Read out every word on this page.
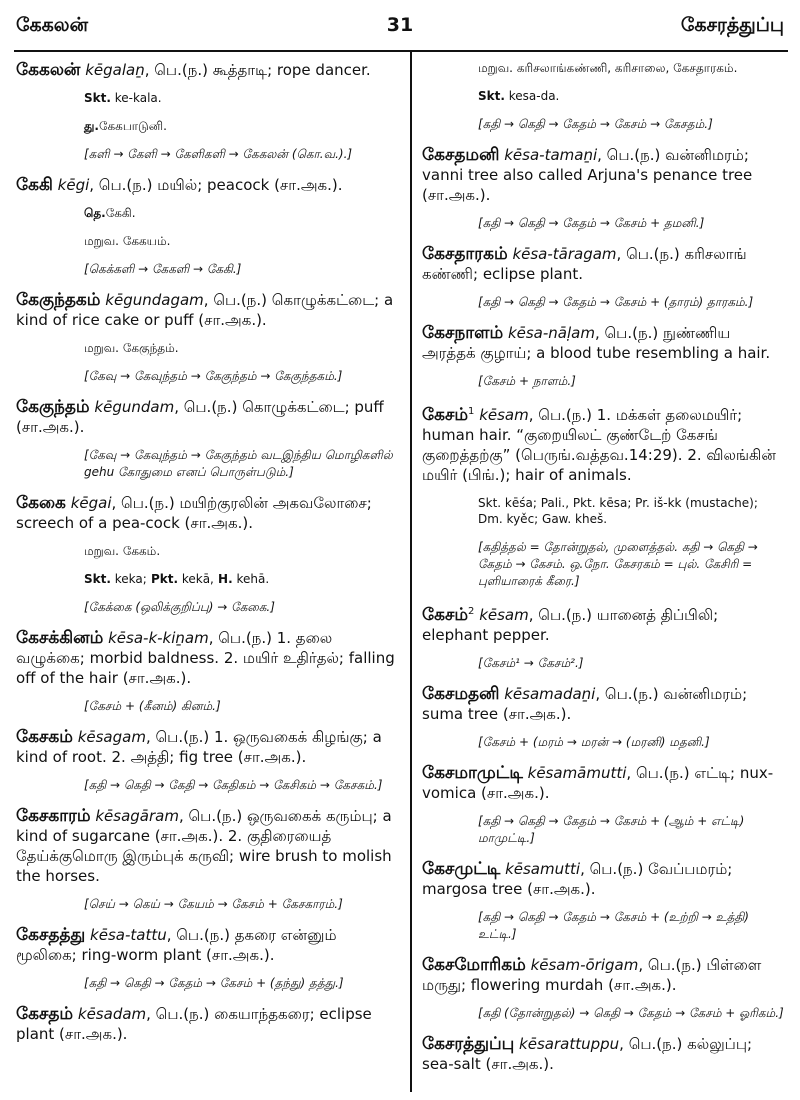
கேகலன்	31	கேசரத்துப்பு
கேகலன் kēgalaṉ, பெ.(ந.) கூத்தாடி; rope dancer.
Skt. ke-kala.
து.கேகபாடுனி.
[களி → கேளி → கேளிகளி → கேகலன் (கொ.வ.).]
கேகி kēgi, பெ.(ந.) மயில்; peacock (சா.அக.).
தெ.கேகி.
மறுவ. கேகயம்.
[கெக்களி → கேகளி → கேகி.]
கேகுந்தகம் kēgundagam, பெ.(ந.) கொழுக்கட்டை; a kind of rice cake or puff (சா.அக.).
மறுவ. கேகுந்தம்.
[கேவு → கேவுந்தம் → கேகுந்தம் → கேகுந்தகம்.]
கேகுந்தம் kēgundam, பெ.(ந.) கொழுக்கட்டை; puff (சா.அக.).
[கேவு → கேவுந்தம் → கேகுந்தம் வடஇந்திய மொழிகளில் gehu கோதுமை எனப் பொருள்படும்.]
கேகை kēgai, பெ.(ந.) மயிற்குரலின் அகவலோசை; screech of a pea-cock (சா.அக.).
மறுவ. கேகம்.
Skt. keka; Pkt. kekā, H. kehā.
[கேக்கை (ஒலிக்குறிப்பு) → கேகை.]
கேசக்கினம் kēsa-k-kiṉam, பெ.(ந.) 1. தலை வழுக்கை; morbid baldness. 2. மயிர் உதிர்தல்; falling off of the hair (சா.அக.).
[கேசம் + (கீனம்) கினம்.]
கேசகம் kēsagam, பெ.(ந.) 1. ஒருவகைக் கிழங்கு; a kind of root. 2. அத்தி; fig tree (சா.அக.).
[கதி → கெதி → கேதி → கேதிகம் → கேசிகம் → கேசகம்.]
கேசகாரம் kēsagāram, பெ.(ந.) ஒருவகைக் கரும்பு; a kind of sugarcane (சா.அக.). 2. குதிரையைத் தேய்க்குமொரு இரும்புக் கருவி; wire brush to molish the horses.
[செய் → கெய் → கேயம் → கேசம் + கேசகாரம்.]
கேசதத்து kēsa-tattu, பெ.(ந.) தகரை என்னும் மூலிகை; ring-worm plant (சா.அக.).
[கதி → கெதி → கேதம் → கேசம் + (தந்து) தத்து.]
கேசதம் kēsadam, பெ.(ந.) கையாந்தகரை; eclipse plant (சா.அக.).
மறுவ. கரிசலாங்கண்ணி, கரிசாலை, கேசதாரகம்.
Skt. kesa-da.
[கதி → கெதி → கேதம் → கேசம் → கேசதம்.]
கேசதமனி kēsa-tamaṉi, பெ.(ந.) வன்னிமரம்; vanni tree also called Arjuna's penance tree (சா.அக.).
[கதி → கெதி → கேதம் → கேசம் + தமனி.]
கேசதாரகம் kēsa-tāragam, பெ.(ந.) கரிசலாங் கண்ணி; eclipse plant.
[கதி → கெதி → கேதம் → கேசம் + (தாரம்) தாரகம்.]
கேசநாளம் kēsa-nāḷam, பெ.(ந.) நுண்ணிய அரத்தக் குழாய்; a blood tube resembling a hair.
[கேசம் + நாளம்.]
கேசம்$^1$ kēsam, பெ.(ந.) 1. மக்கள் தலைமயிர்; human hair. “குறையிலட் குண்டேற் கேசங் குறைத்தற்கு” (பெருங்.வத்தவ.14:29). 2. விலங்கின் மயிர் (பிங்.); hair of animals.
Skt. kēśa; Pali., Pkt. kēsa; Pr. iš-kk (mustache); Dm. kyěc; Gaw. kheš.
[கதித்தல் = தோன்றுதல், முளைத்தல். கதி → கெதி → கேதம் → கேசம். ஒ.நோ. கேசரகம் = புல். கேசிரி = புளியாரைக் கீரை.]
கேசம்$^2$ kēsam, பெ.(ந.) யானைத் திப்பிலி; elephant pepper.
[கேசம்¹ → கேசம்².]
கேசமதனி kēsamadaṉi, பெ.(ந.) வன்னிமரம்; suma tree (சா.அக.).
[கேசம் + (மரம் → மரன் → (மரனி) மதனி.]
கேசமாமுட்டி kēsamāmutti, பெ.(ந.) எட்டி; nux-vomica (சா.அக.).
[கதி → கெதி → கேதம் → கேசம் + (ஆம் + எட்டி) மாமுட்டி.]
கேசமுட்டி kēsamutti, பெ.(ந.) வேப்பமரம்; margosa tree (சா.அக.).
[கதி → கெதி → கேதம் → கேசம் + (உற்றி → உத்தி) உட்டி.]
கேசமோரிகம் kēsam-ōrigam, பெ.(ந.) பிள்ளை மருது; flowering murdah (சா.அக.).
[கதி (தோன்றுதல்) → கெதி → கேதம் → கேசம் + ஓரிகம்.]
கேசரத்துப்பு kēsarattuppu, பெ.(ந.) கல்லுப்பு; sea-salt (சா.அக.).
